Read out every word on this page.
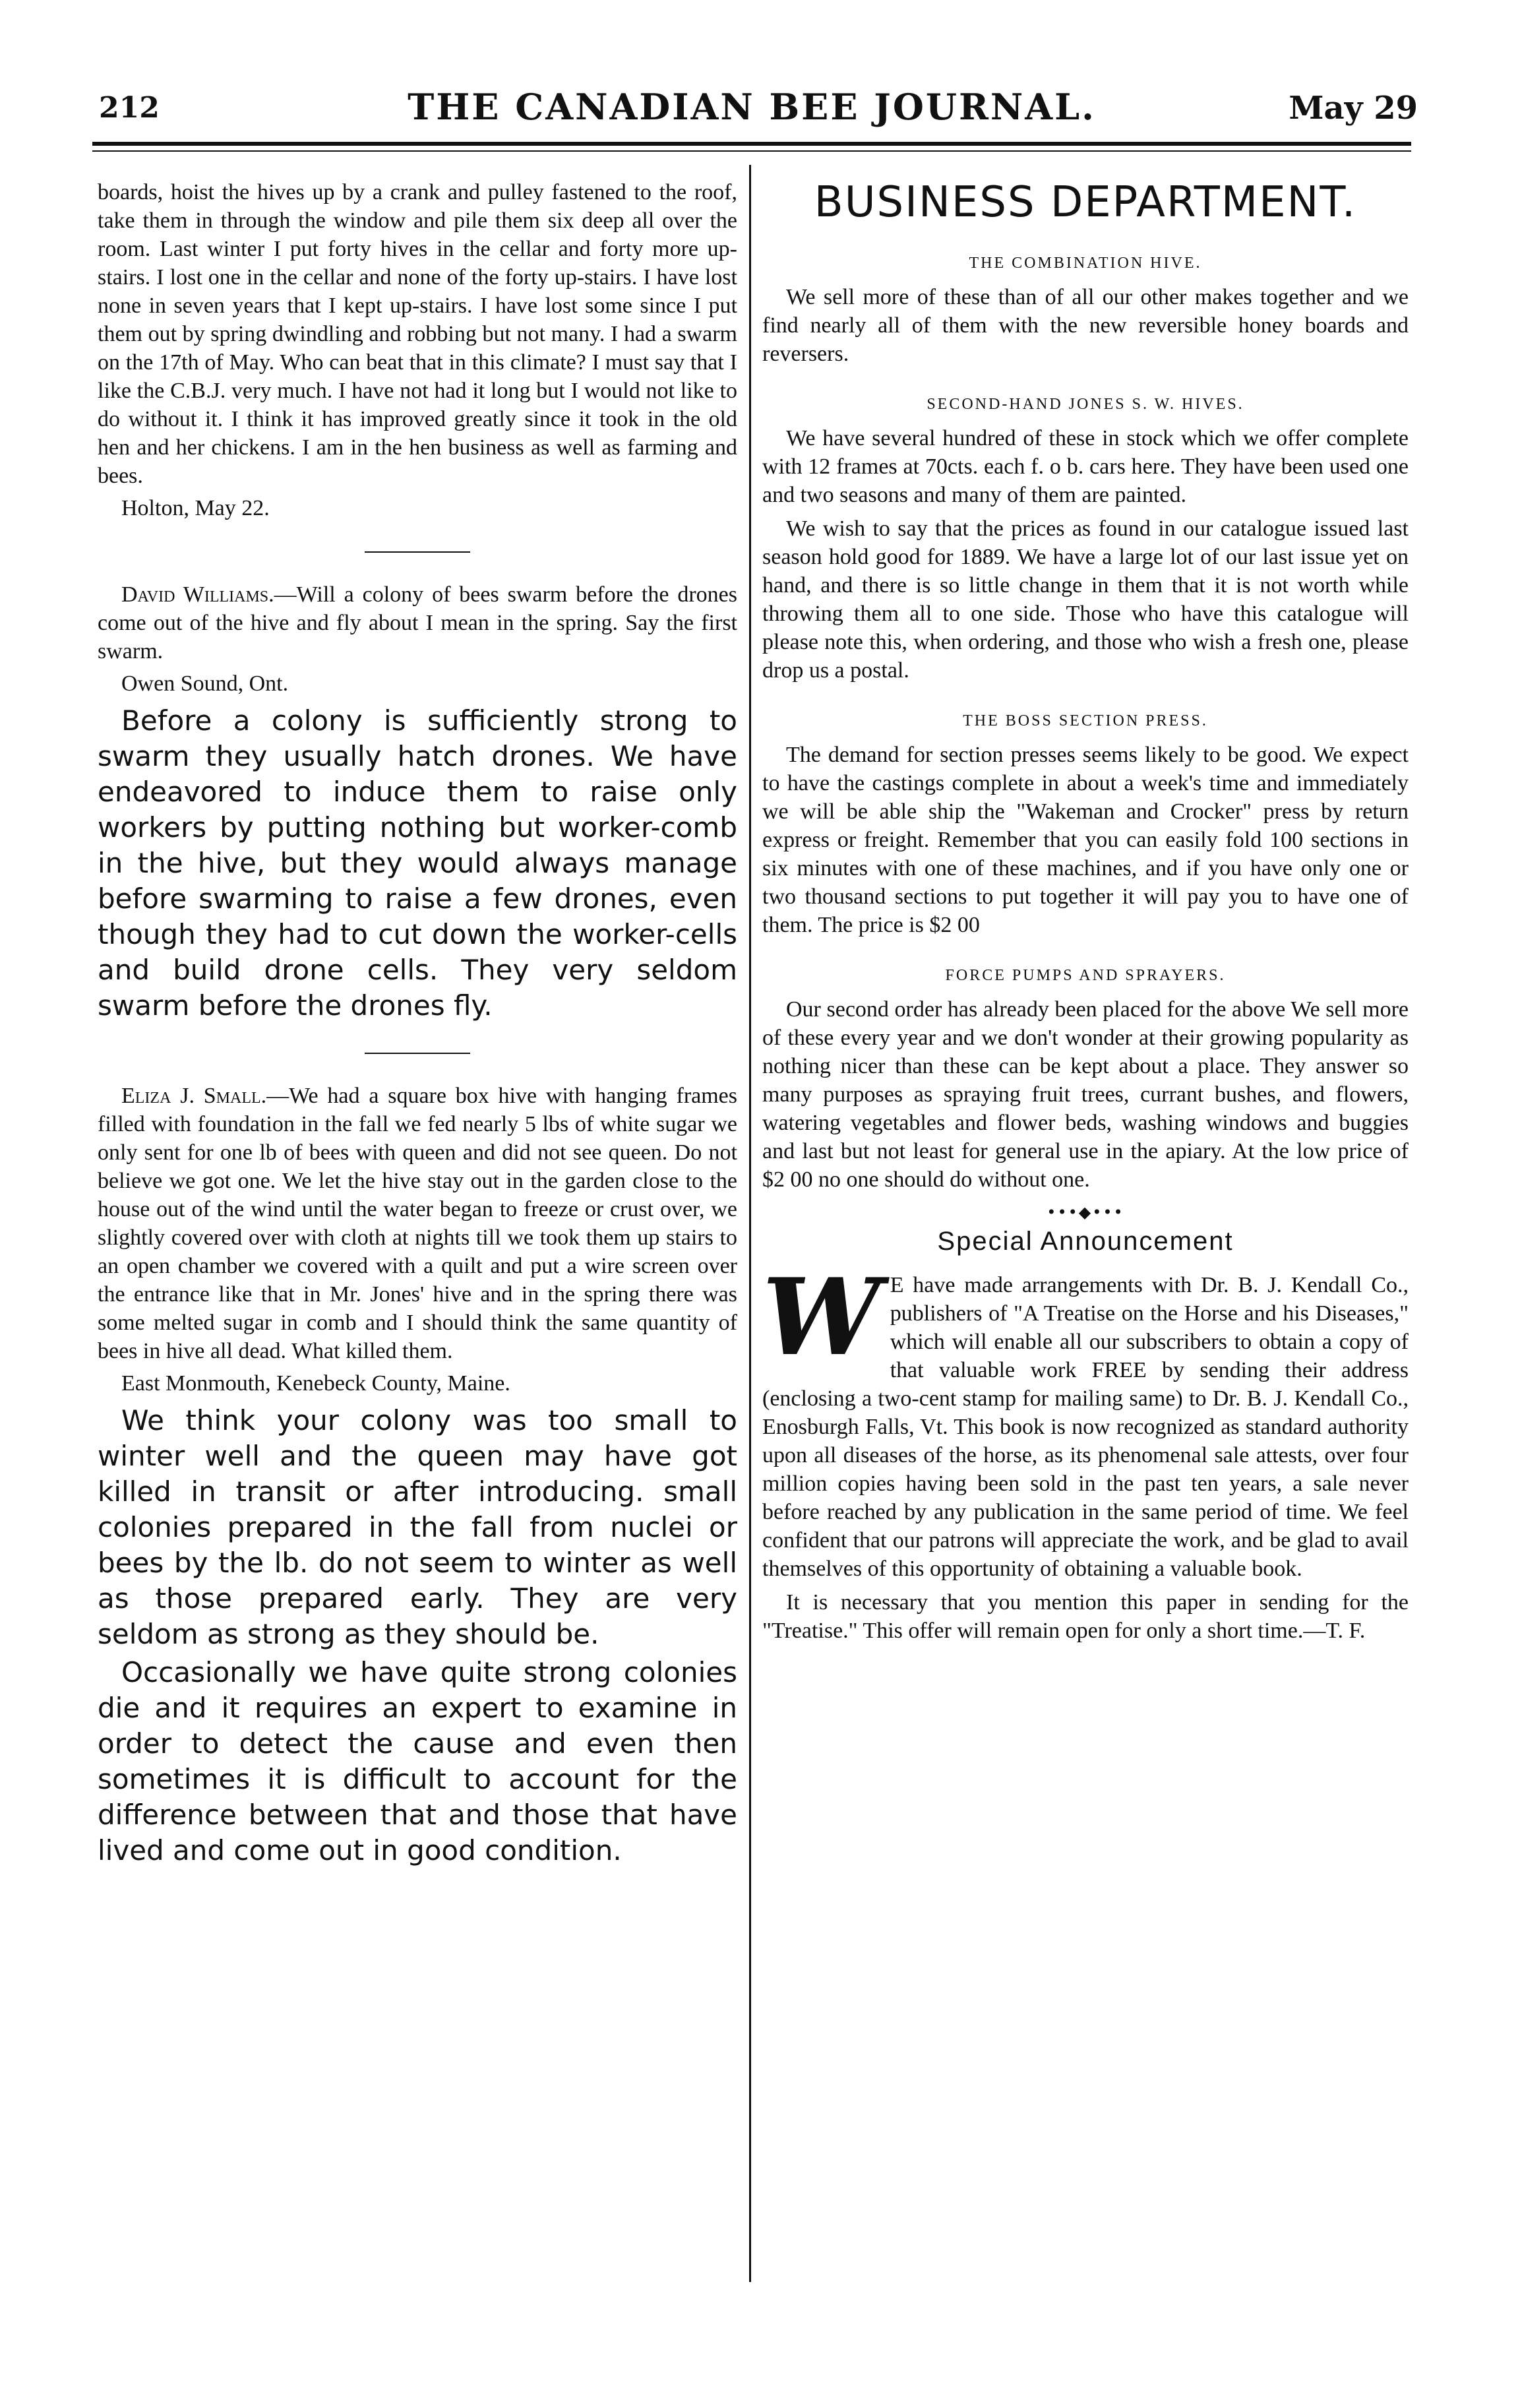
212	THE CANADIAN BEE JOURNAL.	May 29

boards, hoist the hives up by a crank and pulley fastened to the roof, take them in through the window and pile them six deep all over the room. Last winter I put forty hives in the cellar and forty more up-stairs. I lost one in the cellar and none of the forty up-stairs. I have lost none in seven years that I kept up-stairs. I have lost some since I put them out by spring dwindling and robbing but not many. I had a swarm on the 17th of May. Who can beat that in this climate? I must say that I like the C.B.J. very much. I have not had it long but I would not like to do without it. I think it has improved greatly since it took in the old hen and her chickens. I am in the hen business as well as farming and bees.

Holton, May 22.

David Williams.—Will a colony of bees swarm before the drones come out of the hive and fly about I mean in the spring. Say the first swarm.

Owen Sound, Ont.

Before a colony is sufficiently strong to swarm they usually hatch drones. We have endeavored to induce them to raise only workers by putting nothing but worker-comb in the hive, but they would always manage before swarming to raise a few drones, even though they had to cut down the worker-cells and build drone cells. They very seldom swarm before the drones fly.

Eliza J. Small.—We had a square box hive with hanging frames filled with foundation in the fall we fed nearly 5 lbs of white sugar we only sent for one lb of bees with queen and did not see queen. Do not believe we got one. We let the hive stay out in the garden close to the house out of the wind until the water began to freeze or crust over, we slightly covered over with cloth at nights till we took them up stairs to an open chamber we covered with a quilt and put a wire screen over the entrance like that in Mr. Jones' hive and in the spring there was some melted sugar in comb and I should think the same quantity of bees in hive all dead. What killed them.

East Monmouth, Kenebeck County, Maine.

We think your colony was too small to winter well and the queen may have got killed in transit or after introducing. small colonies prepared in the fall from nuclei or bees by the lb. do not seem to winter as well as those prepared early. They are very seldom as strong as they should be.

Occasionally we have quite strong colonies die and it requires an expert to examine in order to detect the cause and even then sometimes it is difficult to account for the difference between that and those that have lived and come out in good condition.

BUSINESS DEPARTMENT.
THE COMBINATION HIVE.

We sell more of these than of all our other makes together and we find nearly all of them with the new reversible honey boards and reversers.

SECOND-HAND JONES S. W. HIVES.

We have several hundred of these in stock which we offer complete with 12 frames at 70cts. each f. o b. cars here. They have been used one and two seasons and many of them are painted.

We wish to say that the prices as found in our catalogue issued last season hold good for 1889. We have a large lot of our last issue yet on hand, and there is so little change in them that it is not worth while throwing them all to one side. Those who have this catalogue will please note this, when ordering, and those who wish a fresh one, please drop us a postal.

THE BOSS SECTION PRESS.

The demand for section presses seems likely to be good. We expect to have the castings complete in about a week's time and immediately we will be able ship the "Wakeman and Crocker" press by return express or freight. Remember that you can easily fold 100 sections in six minutes with one of these machines, and if you have only one or two thousand sections to put together it will pay you to have one of them. The price is $2 00

FORCE PUMPS AND SPRAYERS.

Our second order has already been placed for the above We sell more of these every year and we don't wonder at their growing popularity as nothing nicer than these can be kept about a place. They answer so many purposes as spraying fruit trees, currant bushes, and flowers, watering vegetables and flower beds, washing windows and buggies and last but not least for general use in the apiary. At the low price of $2 00 no one should do without one.

•••◆•••
Special Announcement
W E have made arrangements with Dr. B. J. Kendall Co., publishers of "A Treatise on the Horse and his Diseases," which will enable all our subscribers to obtain a copy of that valuable work FREE by sending their address (enclosing a two-cent stamp for mailing same) to Dr. B. J. Kendall Co., Enosburgh Falls, Vt. This book is now recognized as standard authority upon all diseases of the horse, as its phenomenal sale attests, over four million copies having been sold in the past ten years, a sale never before reached by any publication in the same period of time. We feel confident that our patrons will appreciate the work, and be glad to avail themselves of this opportunity of obtaining a valuable book.

It is necessary that you mention this paper in sending for the "Treatise." This offer will remain open for only a short time.—T. F.
